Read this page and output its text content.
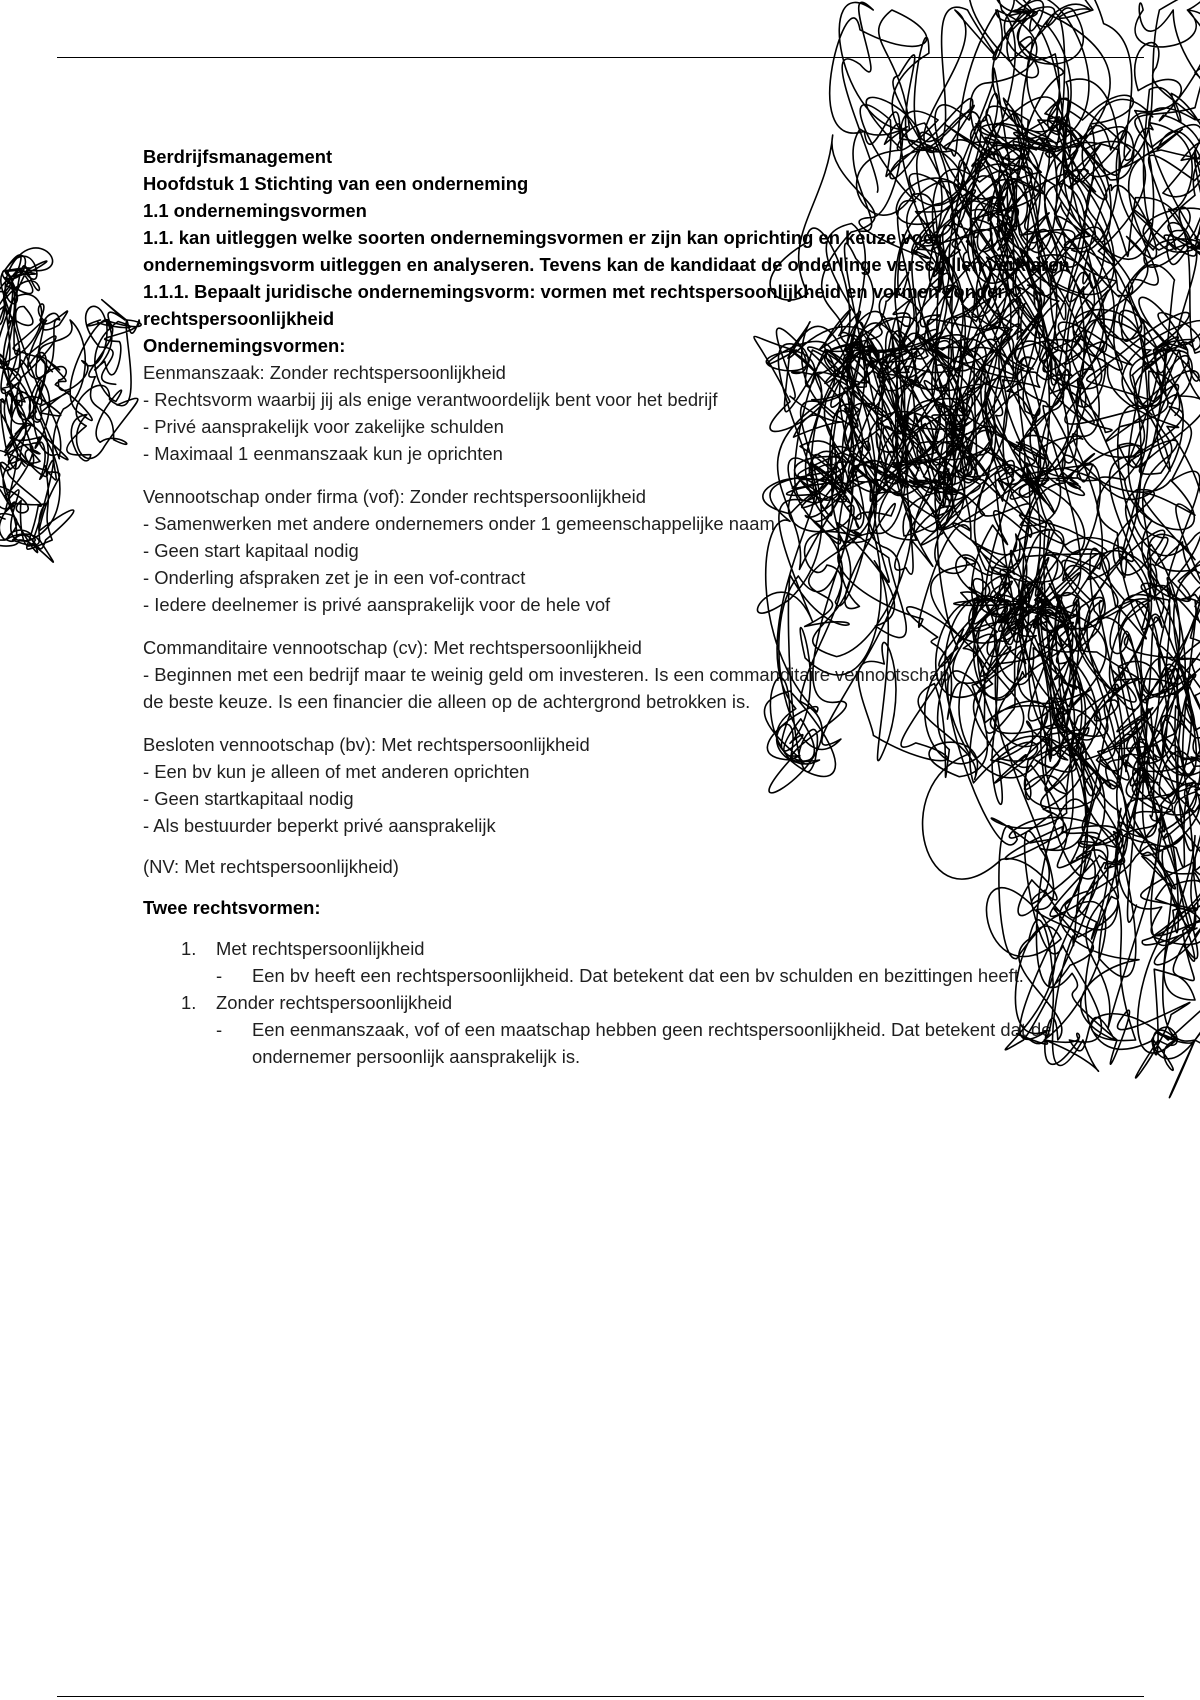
Berdrijfsmanagement

Hoofdstuk 1 Stichting van een onderneming

1.1 ondernemingsvormen

1.1. kan uitleggen welke soorten ondernemingsvormen er zijn kan oprichting en keuze voor ondernemingsvorm uitleggen en analyseren. Tevens kan de kandidaat de onderlinge verschillen verklaren

1.1.1. Bepaalt juridische ondernemingsvorm: vormen met rechtspersoonlijkheid en vormen zonder rechtspersoonlijkheid

Ondernemingsvormen:

Eenmanszaak: Zonder rechtspersoonlijkheid

- Rechtsvorm waarbij jij als enige verantwoordelijk bent voor het bedrijf

- Privé aansprakelijk voor zakelijke schulden

- Maximaal 1 eenmanszaak kun je oprichten

Vennootschap onder firma (vof): Zonder rechtspersoonlijkheid

- Samenwerken met andere ondernemers onder 1 gemeenschappelijke naam

- Geen start kapitaal nodig

- Onderling afspraken zet je in een vof-contract

- Iedere deelnemer is privé aansprakelijk voor de hele vof

Commanditaire vennootschap (cv): Met rechtspersoonlijkheid

- Beginnen met een bedrijf maar te weinig geld om investeren. Is een commanditaire vennootschap

de beste keuze. Is een financier die alleen op de achtergrond betrokken is.

Besloten vennootschap (bv): Met rechtspersoonlijkheid

- Een bv kun je alleen of met anderen oprichten

- Geen startkapitaal nodig

- Als bestuurder beperkt privé aansprakelijk

(NV: Met rechtspersoonlijkheid)

Twee rechtsvormen:

1. Met rechtspersoonlijkheid
- Een bv heeft een rechtspersoonlijkheid. Dat betekent dat een bv schulden en bezittingen heeft.
1. Zonder rechtspersoonlijkheid
- Een eenmanszaak, vof of een maatschap hebben geen rechtspersoonlijkheid. Dat betekent dat de ondernemer persoonlijk aansprakelijk is.
